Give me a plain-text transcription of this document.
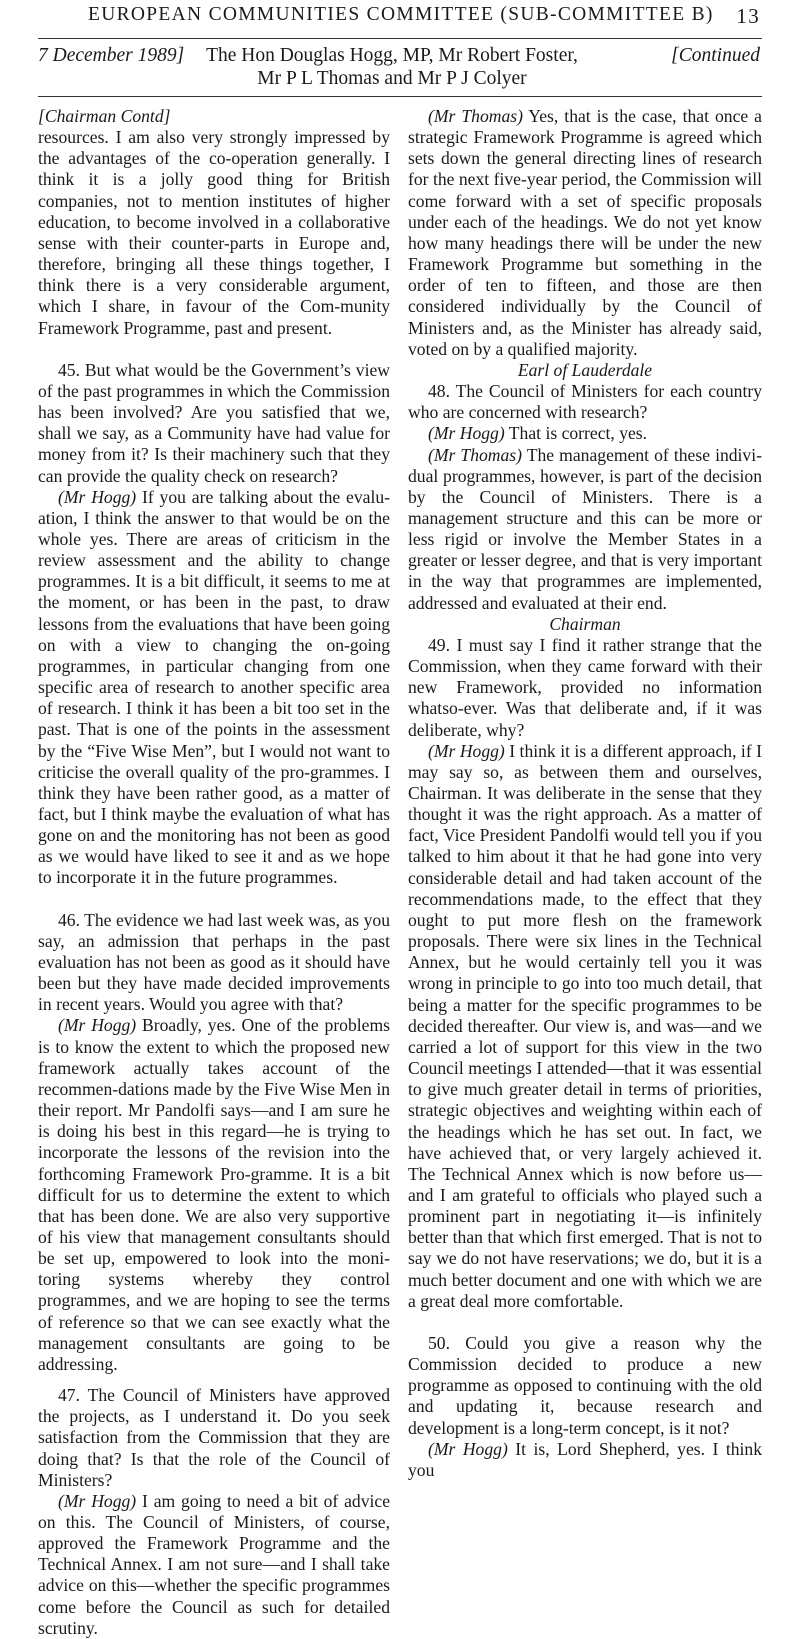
EUROPEAN COMMUNITIES COMMITTEE (SUB-COMMITTEE B) 13
7 December 1989]	The Hon Douglas Hogg, MP, Mr Robert Foster,
Mr P L Thomas and Mr P J Colyer
[Continued

[Chairman Contd]

resources. I am also very strongly impressed by the advantages of the co-operation generally. I think it is a jolly good thing for British companies, not to mention institutes of higher education, to become involved in a collaborative sense with their counter-parts in Europe and, therefore, bringing all these things together, I think there is a very considerable argument, which I share, in favour of the Com-munity Framework Programme, past and present.

45. But what would be the Government’s view of the past programmes in which the Commission has been involved? Are you satisfied that we, shall we say, as a Community have had value for money from it? Is their machinery such that they can provide the quality check on research?

(Mr Hogg) If you are talking about the evalu-ation, I think the answer to that would be on the whole yes. There are areas of criticism in the review assessment and the ability to change programmes. It is a bit difficult, it seems to me at the moment, or has been in the past, to draw lessons from the evaluations that have been going on with a view to changing the on-going programmes, in particular changing from one specific area of research to another specific area of research. I think it has been a bit too set in the past. That is one of the points in the assessment by the “Five Wise Men”, but I would not want to criticise the overall quality of the pro-grammes. I think they have been rather good, as a matter of fact, but I think maybe the evaluation of what has gone on and the monitoring has not been as good as we would have liked to see it and as we hope to incorporate it in the future programmes.

46. The evidence we had last week was, as you say, an admission that perhaps in the past evaluation has not been as good as it should have been but they have made decided improvements in recent years. Would you agree with that?

(Mr Hogg) Broadly, yes. One of the problems is to know the extent to which the proposed new framework actually takes account of the recommen-dations made by the Five Wise Men in their report. Mr Pandolfi says—and I am sure he is doing his best in this regard—he is trying to incorporate the lessons of the revision into the forthcoming Framework Pro-gramme. It is a bit difficult for us to determine the extent to which that has been done. We are also very supportive of his view that management consultants should be set up, empowered to look into the moni-toring systems whereby they control programmes, and we are hoping to see the terms of reference so that we can see exactly what the management consultants are going to be addressing.

47. The Council of Ministers have approved the projects, as I understand it. Do you seek satisfaction from the Commission that they are doing that? Is that the role of the Council of Ministers?

(Mr Hogg) I am going to need a bit of advice on this. The Council of Ministers, of course, approved the Framework Programme and the Technical Annex. I am not sure—and I shall take advice on this—whether the specific programmes come before the Council as such for detailed scrutiny.

(Mr Thomas) Yes, that is the case, that once a strategic Framework Programme is agreed which sets down the general directing lines of research for the next five-year period, the Commission will come forward with a set of specific proposals under each of the headings. We do not yet know how many headings there will be under the new Framework Programme but something in the order of ten to fifteen, and those are then considered individually by the Council of Ministers and, as the Minister has already said, voted on by a qualified majority.

Earl of Lauderdale

48. The Council of Ministers for each country who are concerned with research?

(Mr Hogg) That is correct, yes.

(Mr Thomas) The management of these indivi-dual programmes, however, is part of the decision by the Council of Ministers. There is a management structure and this can be more or less rigid or involve the Member States in a greater or lesser degree, and that is very important in the way that programmes are implemented, addressed and evaluated at their end.

Chairman

49. I must say I find it rather strange that the Commission, when they came forward with their new Framework, provided no information whatso-ever. Was that deliberate and, if it was deliberate, why?

(Mr Hogg) I think it is a different approach, if I may say so, as between them and ourselves, Chairman. It was deliberate in the sense that they thought it was the right approach. As a matter of fact, Vice President Pandolfi would tell you if you talked to him about it that he had gone into very considerable detail and had taken account of the recommendations made, to the effect that they ought to put more flesh on the framework proposals. There were six lines in the Technical Annex, but he would certainly tell you it was wrong in principle to go into too much detail, that being a matter for the specific programmes to be decided thereafter. Our view is, and was—and we carried a lot of support for this view in the two Council meetings I attended—that it was essential to give much greater detail in terms of priorities, strategic objectives and weighting within each of the headings which he has set out. In fact, we have achieved that, or very largely achieved it. The Technical Annex which is now before us—and I am grateful to officials who played such a prominent part in negotiating it—is infinitely better than that which first emerged. That is not to say we do not have reservations; we do, but it is a much better document and one with which we are a great deal more comfortable.

50. Could you give a reason why the Commission decided to produce a new programme as opposed to continuing with the old and updating it, because research and development is a long-term concept, is it not?

(Mr Hogg) It is, Lord Shepherd, yes. I think you
